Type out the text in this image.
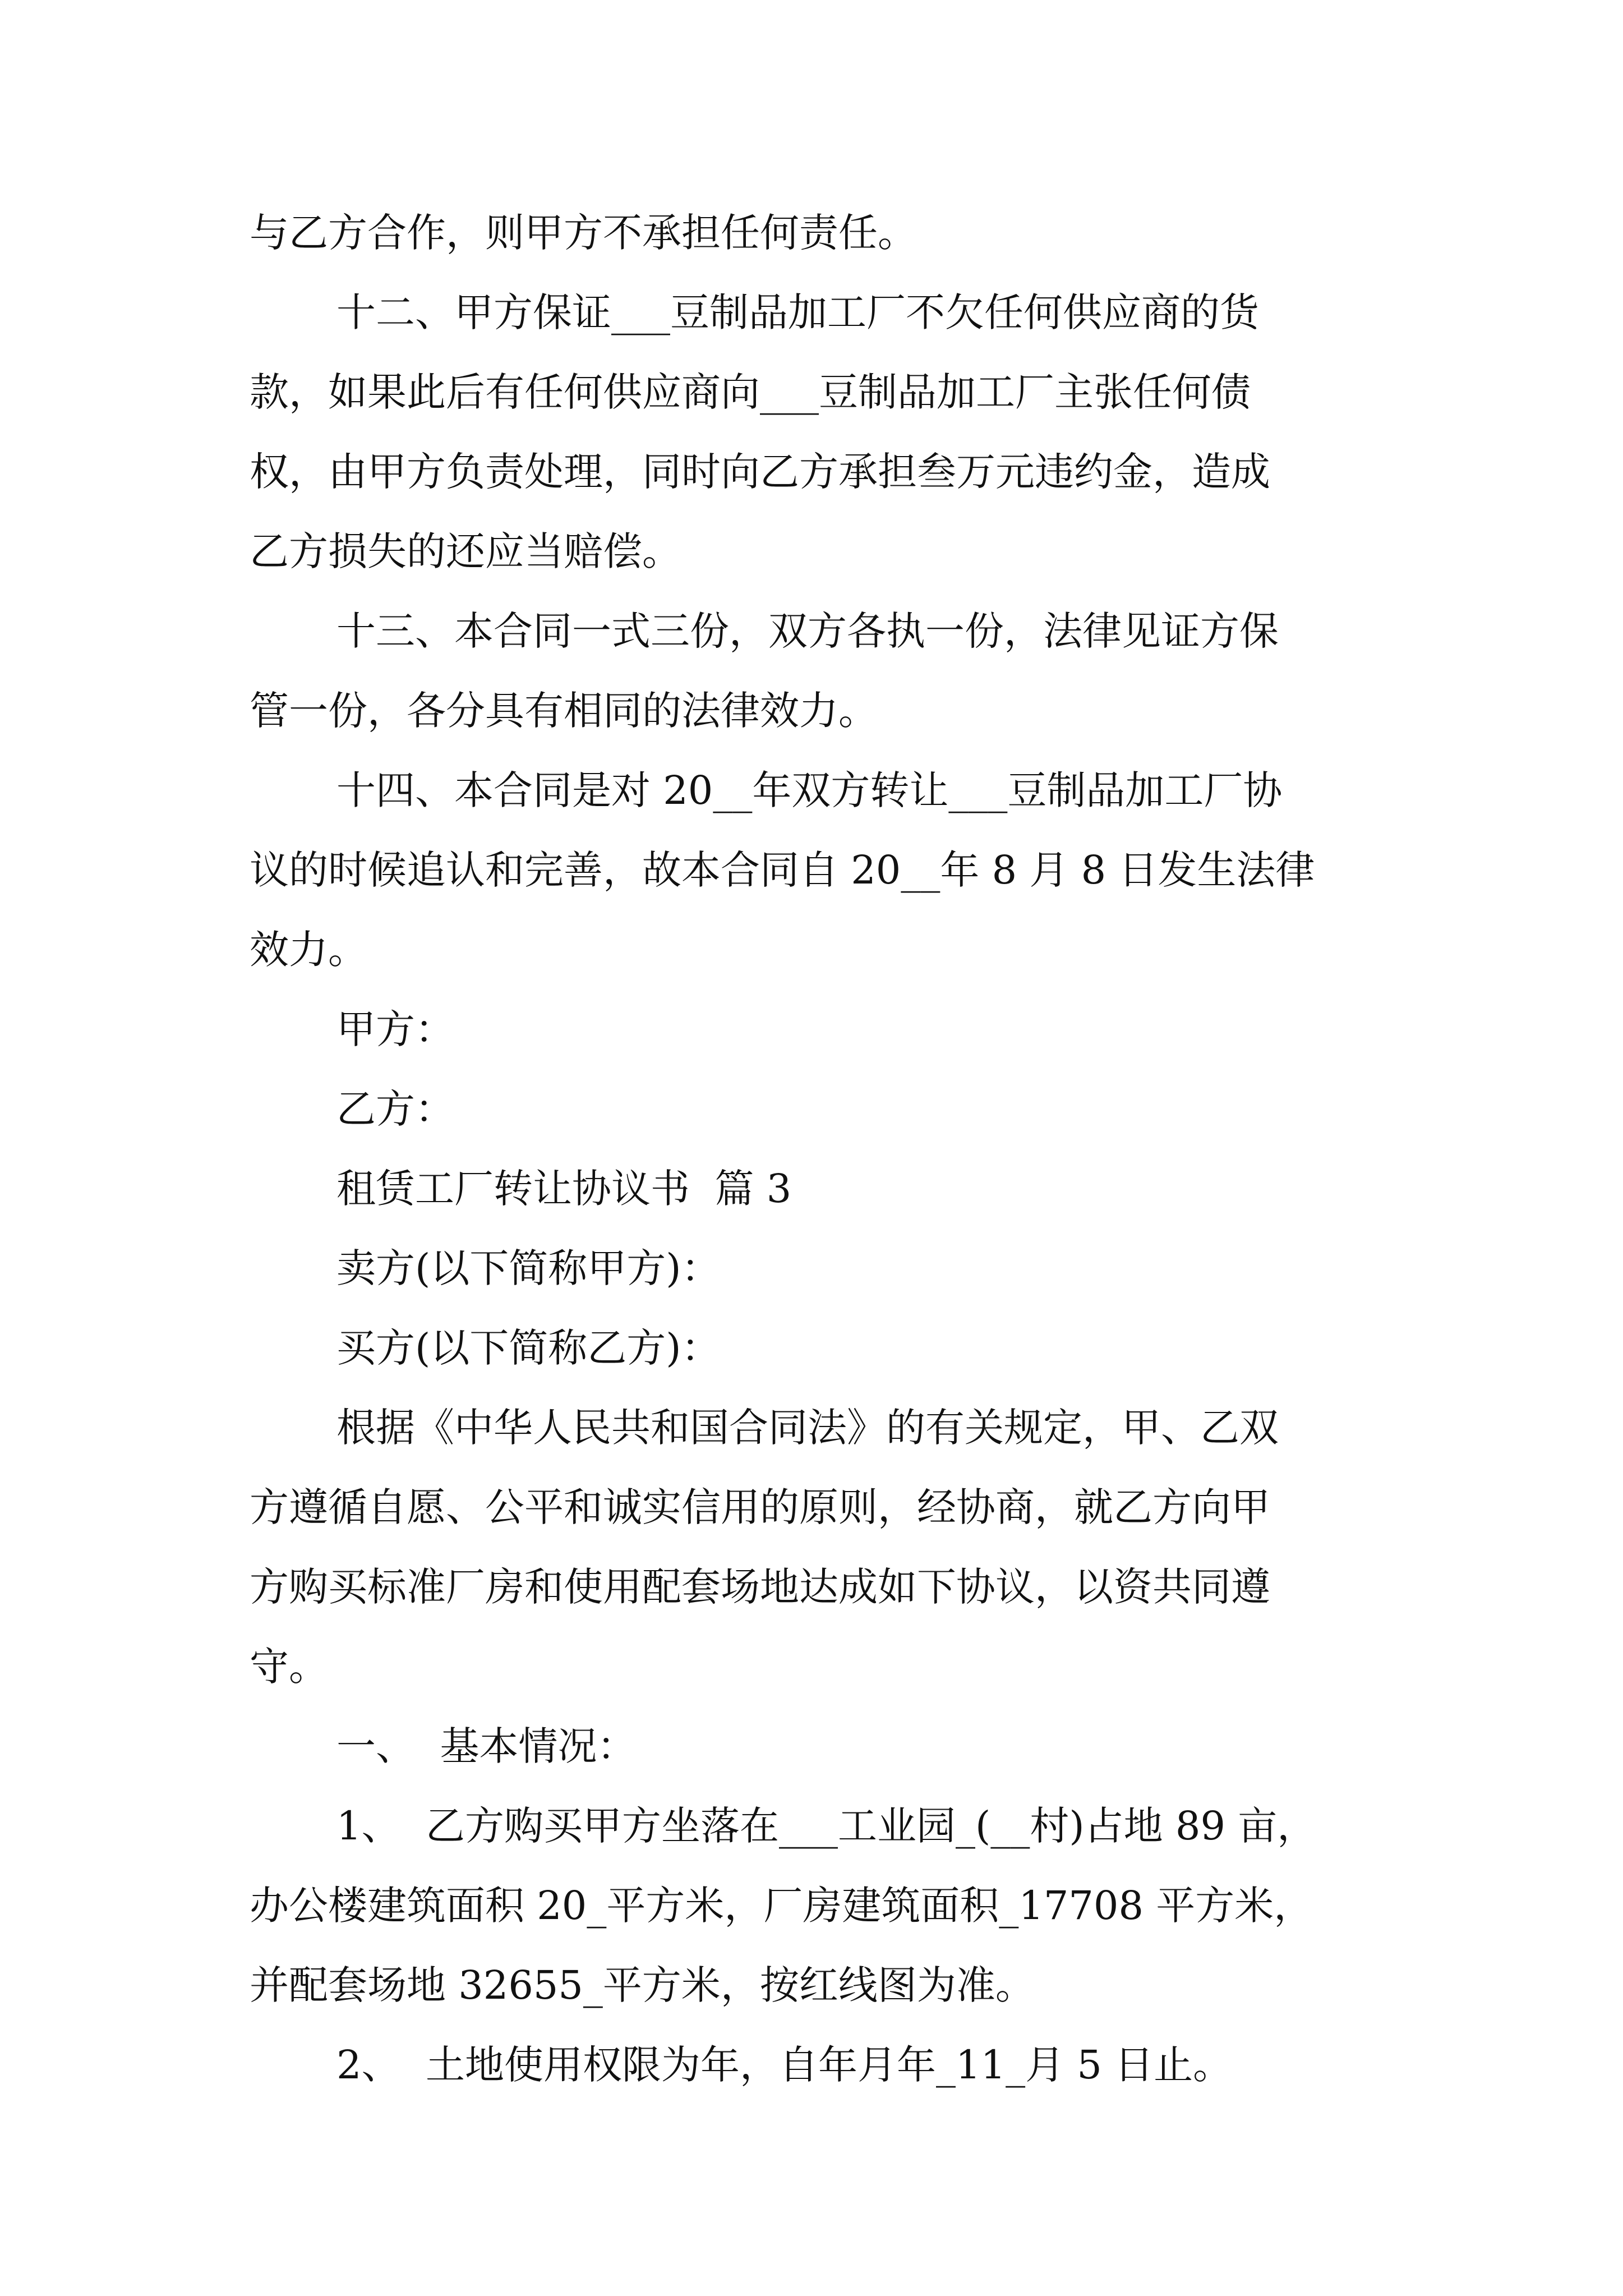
与乙方合作，则甲方不承担任何责任。

十二、甲方保证___豆制品加工厂不欠任何供应商的货

款，如果此后有任何供应商向___豆制品加工厂主张任何债

权，由甲方负责处理，同时向乙方承担叁万元违约金，造成

乙方损失的还应当赔偿。

十三、本合同一式三份，双方各执一份，法律见证方保

管一份，各分具有相同的法律效力。

十四、本合同是对 20__年双方转让___豆制品加工厂协

议的时候追认和完善，故本合同自 20__年 8 月 8 日发生法律

效力。

甲方：

乙方：

租赁工厂转让协议书  篇 3

卖方(以下简称甲方)：

买方(以下简称乙方)：

根据《中华人民共和国合同法》的有关规定，甲、乙双

方遵循自愿、公平和诚实信用的原则，经协商，就乙方向甲

方购买标准厂房和使用配套场地达成如下协议，以资共同遵

守。

一、  基本情况：

1、  乙方购买甲方坐落在___工业园_(__村)占地 89 亩，

办公楼建筑面积 20_平方米，厂房建筑面积_17708 平方米，

并配套场地 32655_平方米，按红线图为准。

2、  土地使用权限为年，自年月年_11_月 5 日止。
